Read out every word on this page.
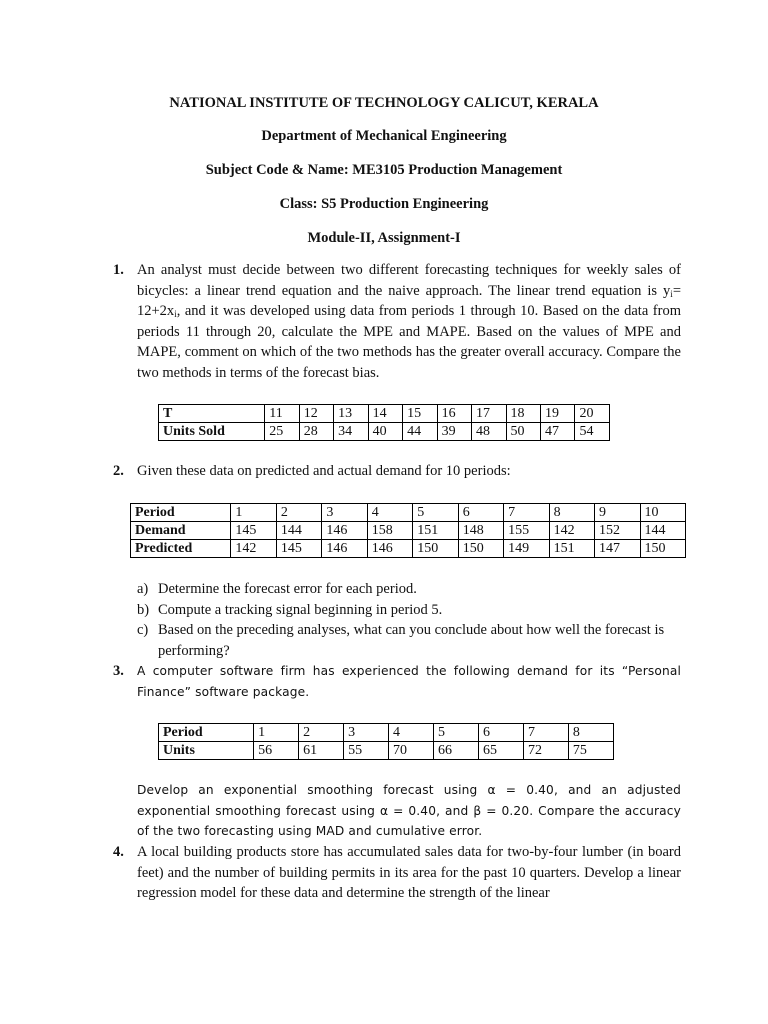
NATIONAL INSTITUTE OF TECHNOLOGY CALICUT, KERALA
Department of Mechanical Engineering
Subject Code & Name: ME3105 Production Management
Class: S5 Production Engineering
Module-II, Assignment-I
1. An analyst must decide between two different forecasting techniques for weekly sales of bicycles: a linear trend equation and the naive approach. The linear trend equation is $y_i= 12+2x_i$, and it was developed using data from periods 1 through 10. Based on the data from periods 11 through 20, calculate the MPE and MAPE. Based on the values of MPE and MAPE, comment on which of the two methods has the greater overall accuracy. Compare the two methods in terms of the forecast bias.

T	11	12	13	14	15	16	17	18	19	20
Units Sold	25	28	34	40	44	39	48	50	47	54
2. Given these data on predicted and actual demand for 10 periods:
Period	1	2	3	4	5	6	7	8	9	10
Demand	145	144	146	158	151	148	155	142	152	144
Predicted	142	145	146	146	150	150	149	151	147	150
a) Determine the forecast error for each period.
b) Compute a tracking signal beginning in period 5.
c) Based on the preceding analyses, what can you conclude about how well the forecast is performing?
3. A computer software firm has experienced the following demand for its “Personal Finance” software package.
Period	1	2	3	4	5	6	7	8
Units	56	61	55	70	66	65	72	75
Develop an exponential smoothing forecast using α = 0.40, and an adjusted exponential smoothing forecast using α = 0.40, and β = 0.20. Compare the accuracy of the two forecasting using MAD and cumulative error.
4. A local building products store has accumulated sales data for two-by-four lumber (in board feet) and the number of building permits in its area for the past 10 quarters. Develop a linear regression model for these data and determine the strength of the linear
